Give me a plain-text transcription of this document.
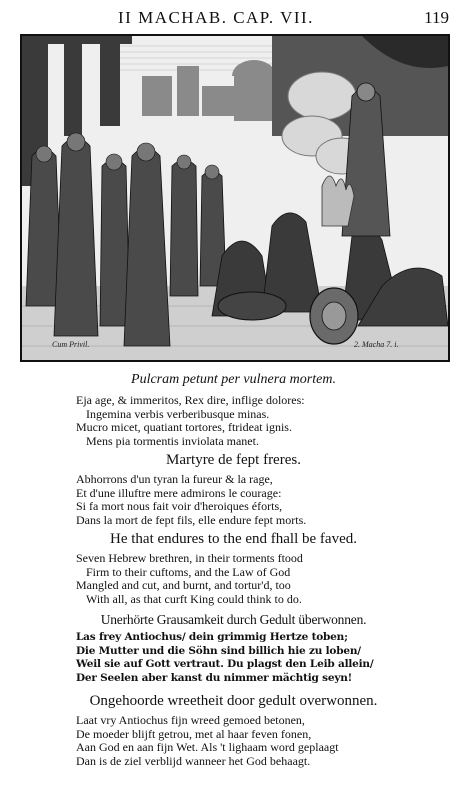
II MACHAB. CAP. VII.	119
Cum Privil.	2. Macha 7. i.
Pulcram petunt per vulnera mortem.
Eja age, & immeritos, Rex dire, inflige dolores:
Ingemina verbis verberibusque minas.
Mucro micet, quatiant tortores, ftrideat ignis.
Mens pia tormentis inviolata manet.
Martyre de fept freres.
Abhorrons d'un tyran la fureur & la rage,
Et d'une illuftre mere admirons le courage:
Si fa mort nous fait voir d'heroiques éforts,
Dans la mort de fept fils, elle endure fept morts.
He that endures to the end fhall be faved.
Seven Hebrew brethren, in their torments ftood
Firm to their cuftoms, and the Law of God
Mangled and cut, and burnt, and tortur'd, too
With all, as that curft King could think to do.
Unerhörte Grausamkeit durch Gedult überwonnen.
Las frey Antiochus/ dein grimmig Hertze toben;
Die Mutter und die Söhn sind billich hie zu loben/
Weil sie auf Gott vertraut. Du plagst den Leib allein/
Der Seelen aber kanst du nimmer mächtig seyn!
Ongehoorde wreetheit door gedult overwonnen.
Laat vry Antiochus fijn wreed gemoed betonen,
De moeder blijft getrou, met al haar feven fonen,
Aan God en aan fijn Wet. Als 't lighaam word geplaagt
Dan is de ziel verblijd wanneer het God behaagt.
